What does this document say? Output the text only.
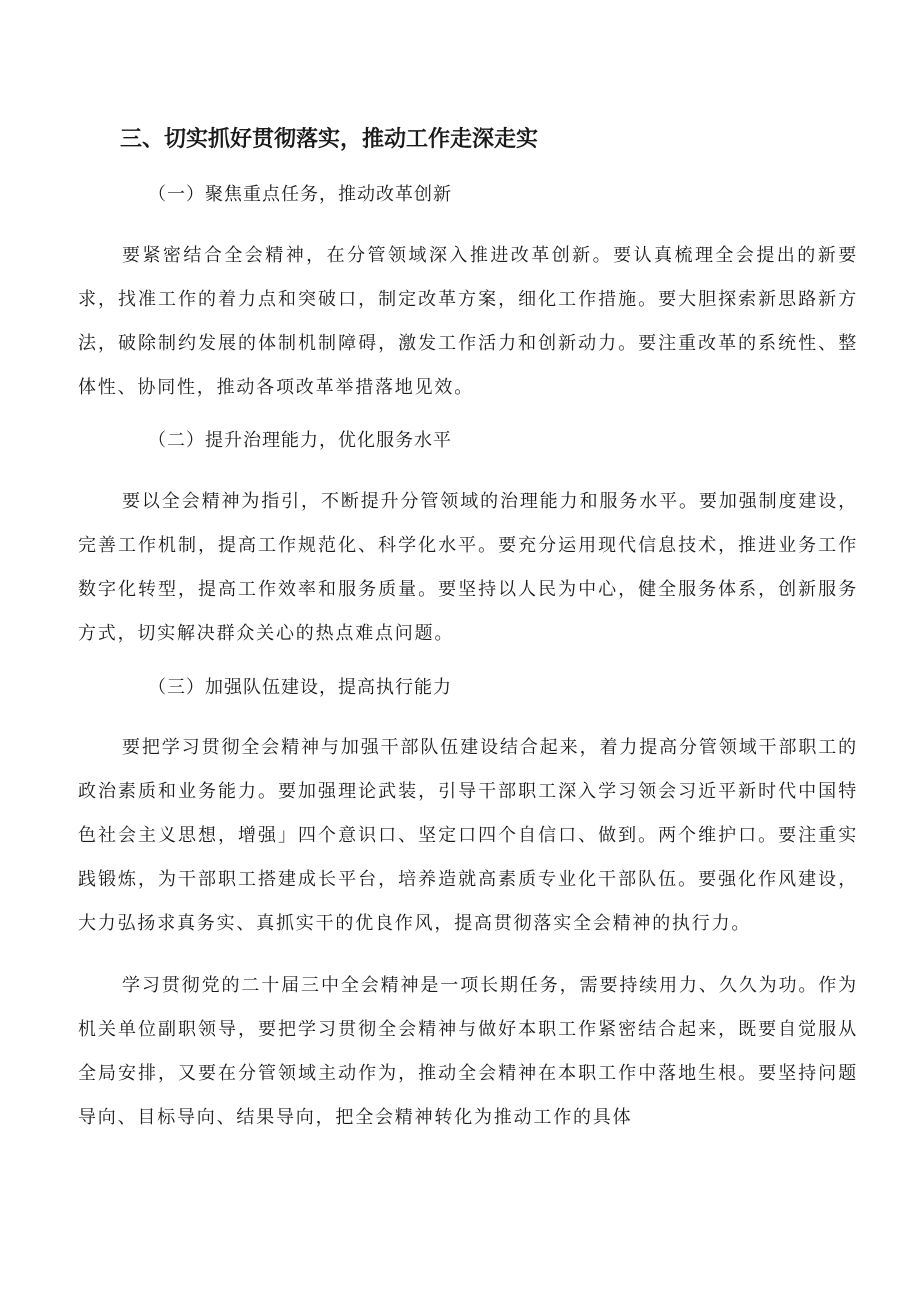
三、切实抓好贯彻落实，推动工作走深走实
（一）聚焦重点任务，推动改革创新

要紧密结合全会精神，在分管领域深入推进改革创新。要认真梳理全会提出的新要求，找准工作的着力点和突破口，制定改革方案，细化工作措施。要大胆探索新思路新方法，破除制约发展的体制机制障碍，激发工作活力和创新动力。要注重改革的系统性、整体性、协同性，推动各项改革举措落地见效。

（二）提升治理能力，优化服务水平

要以全会精神为指引，不断提升分管领域的治理能力和服务水平。要加强制度建设，完善工作机制，提高工作规范化、科学化水平。要充分运用现代信息技术，推进业务工作数字化转型，提高工作效率和服务质量。要坚持以人民为中心，健全服务体系，创新服务方式，切实解决群众关心的热点难点问题。

（三）加强队伍建设，提高执行能力

要把学习贯彻全会精神与加强干部队伍建设结合起来，着力提高分管领域干部职工的政治素质和业务能力。要加强理论武装，引导干部职工深入学习领会习近平新时代中国特色社会主义思想，增强」四个意识口、坚定口四个自信口、做到。两个维护口。要注重实践锻炼，为干部职工搭建成长平台，培养造就高素质专业化干部队伍。要强化作风建设，大力弘扬求真务实、真抓实干的优良作风，提高贯彻落实全会精神的执行力。

学习贯彻党的二十届三中全会精神是一项长期任务，需要持续用力、久久为功。作为机关单位副职领导，要把学习贯彻全会精神与做好本职工作紧密结合起来，既要自觉服从全局安排，又要在分管领域主动作为，推动全会精神在本职工作中落地生根。要坚持问题导向、目标导向、结果导向，把全会精神转化为推动工作的具体
